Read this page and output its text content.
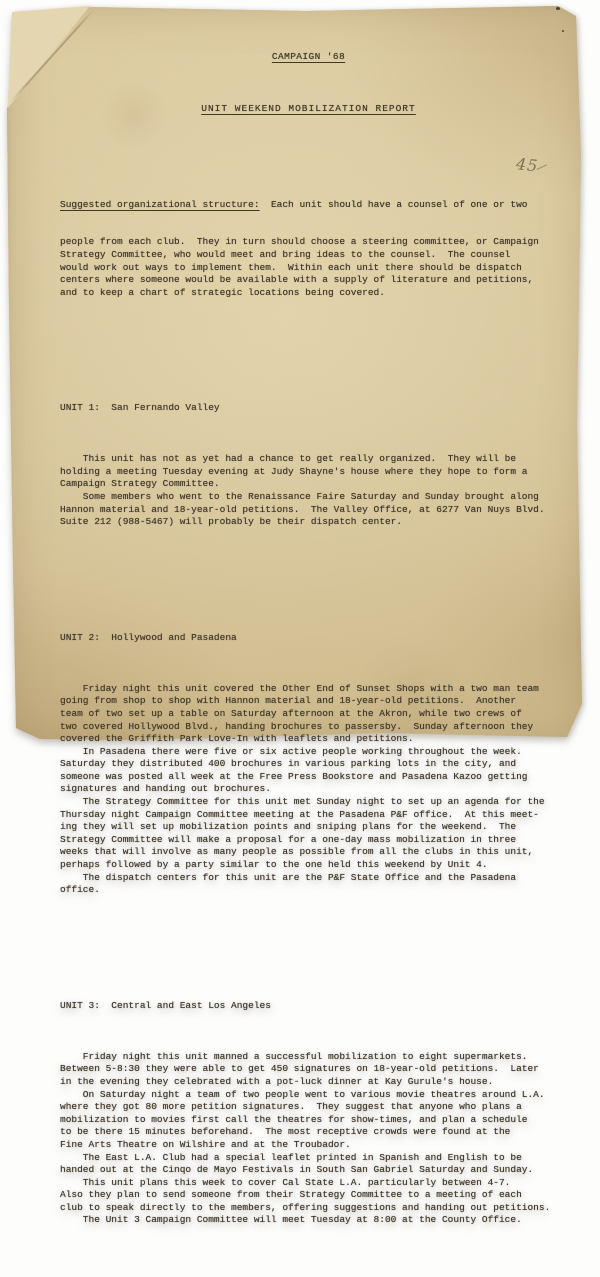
CAMPAIGN '68

UNIT WEEKEND MOBILIZATION REPORT

Suggested organizational structure:  Each unit should have a counsel of one or two

people from each club.  They in turn should choose a steering committee, or Campaign
Strategy Committee, who would meet and bring ideas to the counsel.  The counsel
would work out ways to implement them.  Within each unit there should be dispatch
centers where someone would be available with a supply of literature and petitions,
and to keep a chart of strategic locations being covered.

UNIT 1:  San Fernando Valley

This unit has not as yet had a chance to get really organized.  They will be
holding a meeting Tuesday evening at Judy Shayne's house where they hope to form a
Campaign Strategy Committee.
Some members who went to the Renaissance Faire Saturday and Sunday brought along
Hannon material and 18-year-old petitions.  The Valley Office, at 6277 Van Nuys Blvd.
Suite 212 (988-5467) will probably be their dispatch center.

UNIT 2:  Hollywood and Pasadena

Friday night this unit covered the Other End of Sunset Shops with a two man team
going from shop to shop with Hannon material and 18-year-old petitions.  Another
team of two set up a table on Saturday afternoon at the Akron, while two crews of
two covered Hollywood Blvd., handing brochures to passersby.  Sunday afternoon they
covered the Griffith Park Love-In with leaflets and petitions.
In Pasadena there were five or six active people working throughout the week.
Saturday they distributed 400 brochures in various parking lots in the city, and
someone was posted all week at the Free Press Bookstore and Pasadena Kazoo getting
signatures and handing out brochures.
The Strategy Committee for this unit met Sunday night to set up an agenda for the
Thursday night Campaign Committee meeting at the Pasadena P&F office.  At this meet-
ing they will set up mobilization points and sniping plans for the weekend.  The
Strategy Committee will make a proposal for a one-day mass mobilization in three
weeks that will involve as many people as possible from all the clubs in this unit,
perhaps followed by a party similar to the one held this weekend by Unit 4.
The dispatch centers for this unit are the P&F State Office and the Pasadena
office.

UNIT 3:  Central and East Los Angeles

Friday night this unit manned a successful mobilization to eight supermarkets.
Between 5-8:30 they were able to get 450 signatures on 18-year-old petitions.  Later
in the evening they celebrated with a pot-luck dinner at Kay Gurule's house.
On Saturday night a team of two people went to various movie theatres around L.A.
where they got 80 more petition signatures.  They suggest that anyone who plans a
mobilization to movies first call the theatres for show-times, and plan a schedule
to be there 15 minutes beforehand.  The most receptive crowds were found at the
Fine Arts Theatre on Wilshire and at the Troubador.
The East L.A. Club had a special leaflet printed in Spanish and English to be
handed out at the Cinqo de Mayo Festivals in South San Gabriel Saturday and Sunday.
This unit plans this week to cover Cal State L.A. particularly between 4-7.
Also they plan to send someone from their Strategy Committee to a meeting of each
club to speak directly to the members, offering suggestions and handing out petitions.
The Unit 3 Campaign Committee will meet Tuesday at 8:00 at the County Office.

45
